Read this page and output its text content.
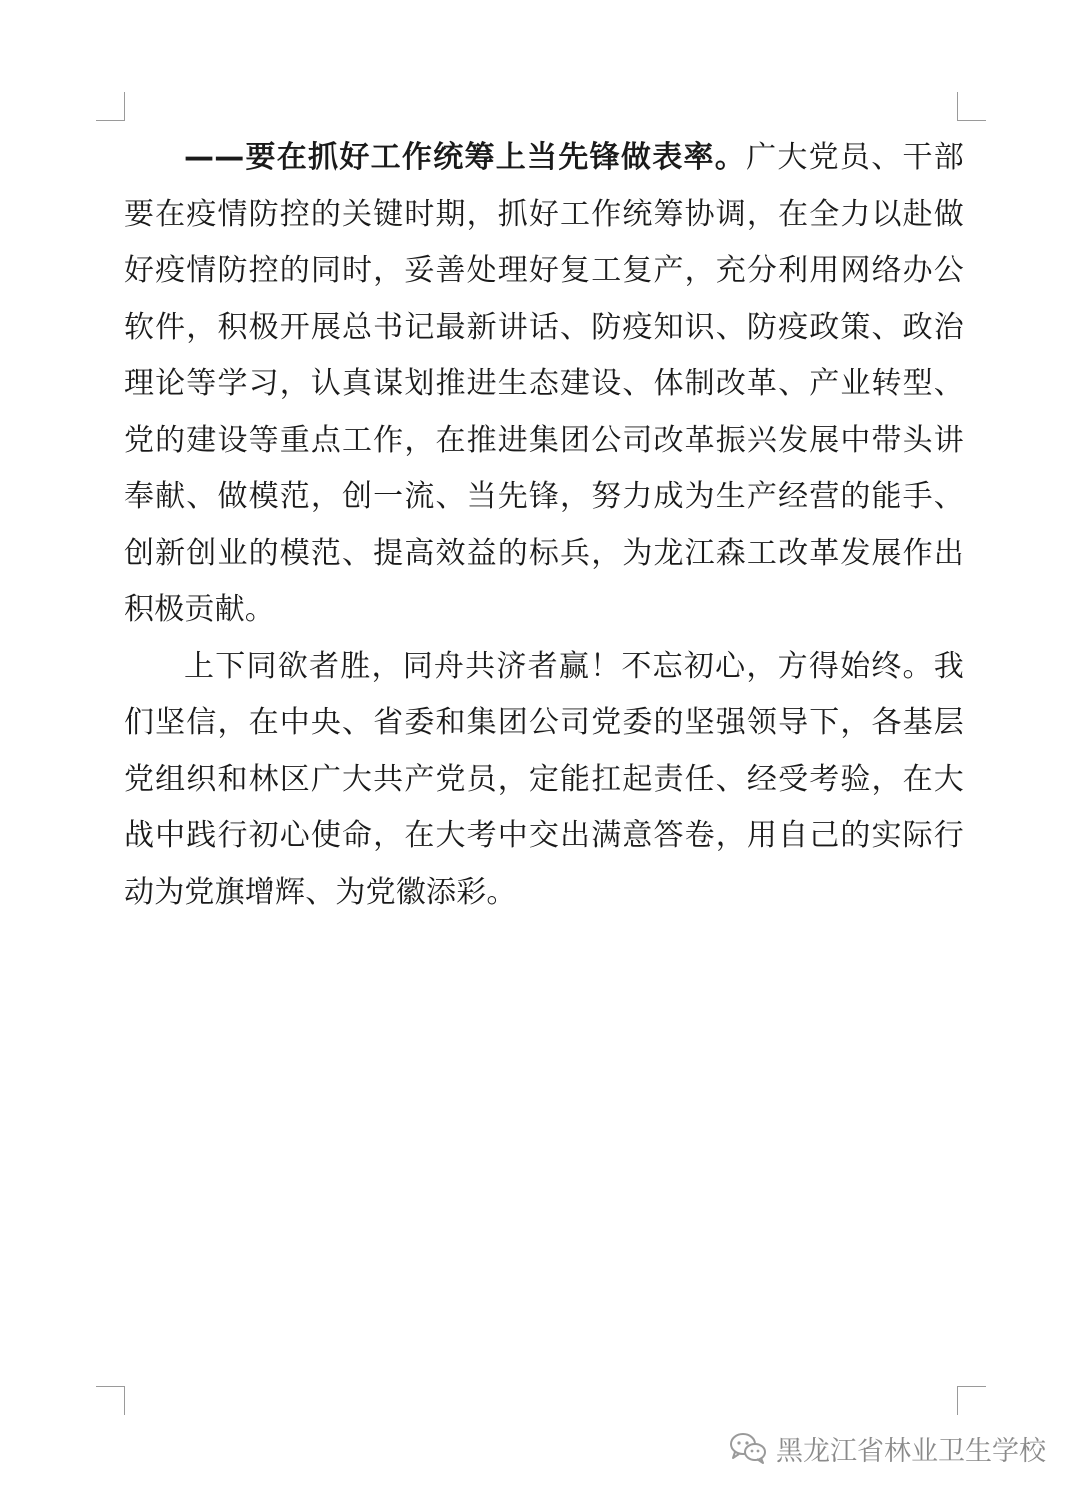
——要在抓好工作统筹上当先锋做表率。广大党员、干部要在疫情防控的关键时期，抓好工作统筹协调，在全力以赴做好疫情防控的同时，妥善处理好复工复产，充分利用网络办公软件，积极开展总书记最新讲话、防疫知识、防疫政策、政治理论等学习，认真谋划推进生态建设、体制改革、产业转型、党的建设等重点工作，在推进集团公司改革振兴发展中带头讲奉献、做模范，创一流、当先锋，努力成为生产经营的能手、创新创业的模范、提高效益的标兵，为龙江森工改革发展作出积极贡献。

上下同欲者胜，同舟共济者赢！不忘初心，方得始终。我们坚信，在中央、省委和集团公司党委的坚强领导下，各基层党组织和林区广大共产党员，定能扛起责任、经受考验，在大战中践行初心使命，在大考中交出满意答卷，用自己的实际行动为党旗增辉、为党徽添彩。

黑龙江省林业卫生学校
